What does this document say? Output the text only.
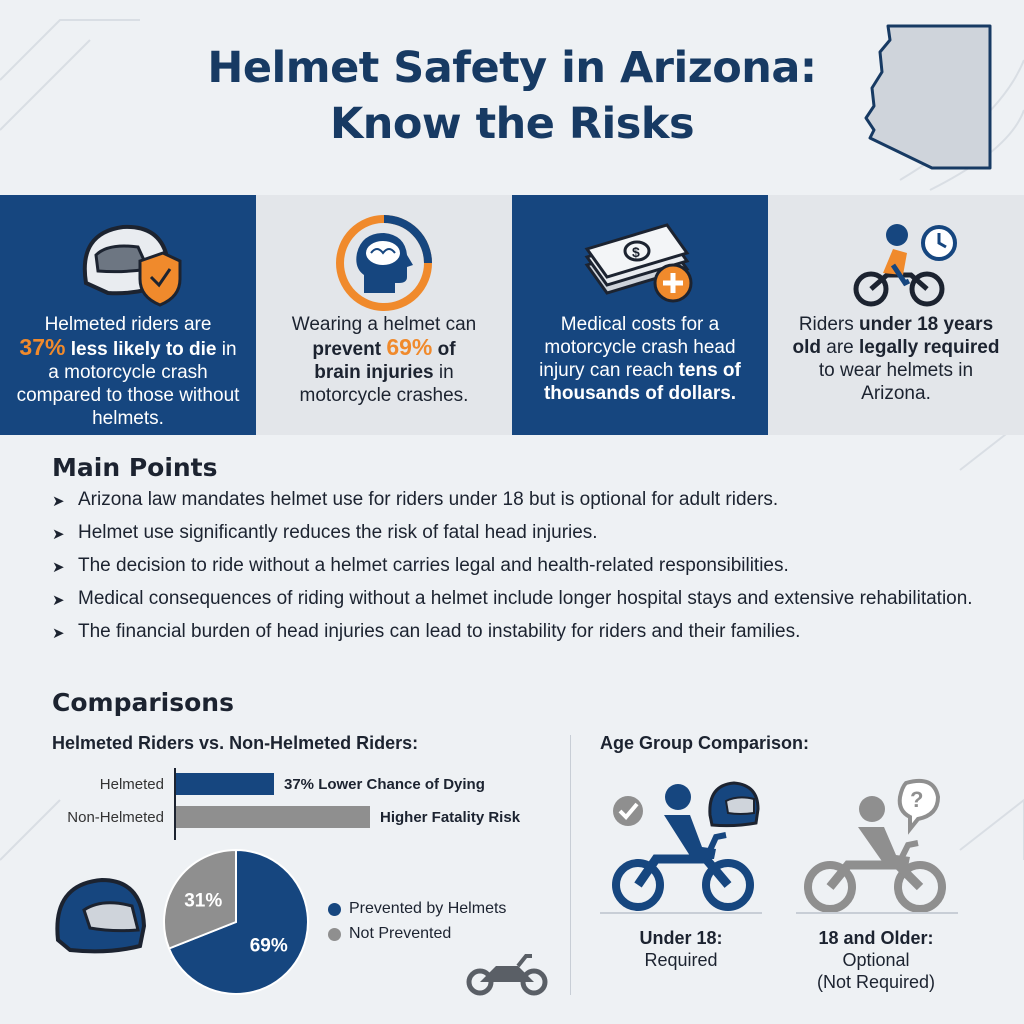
Helmet Safety in Arizona:
Know the Risks
Helmeted riders are
37% less likely to die in a motorcycle crash compared to those without helmets.
Wearing a helmet can
prevent 69% of
brain injuries in motorcycle crashes.
$
Medical costs for a motorcycle crash head injury can reach tens of thousands of dollars.
Riders under 18 years old are legally required to wear helmets in Arizona.
Main Points
➤ Arizona law mandates helmet use for riders under 18 but is optional for adult riders.
➤ Helmet use significantly reduces the risk of fatal head injuries.
➤ The decision to ride without a helmet carries legal and health-related responsibilities.
➤ Medical consequences of riding without a helmet include longer hospital stays and extensive rehabilitation.
➤ The financial burden of head injuries can lead to instability for riders and their families.
Comparisons
Helmeted Riders vs. Non-Helmeted Riders:
Helmeted	37% Lower Chance of Dying
Non-Helmeted	Higher Fatality Risk
69%
31%	Prevented by Helmets
Not Prevented
Age Group Comparison:
Under 18:
Required
?
18 and Older:
Optional
(Not Required)
